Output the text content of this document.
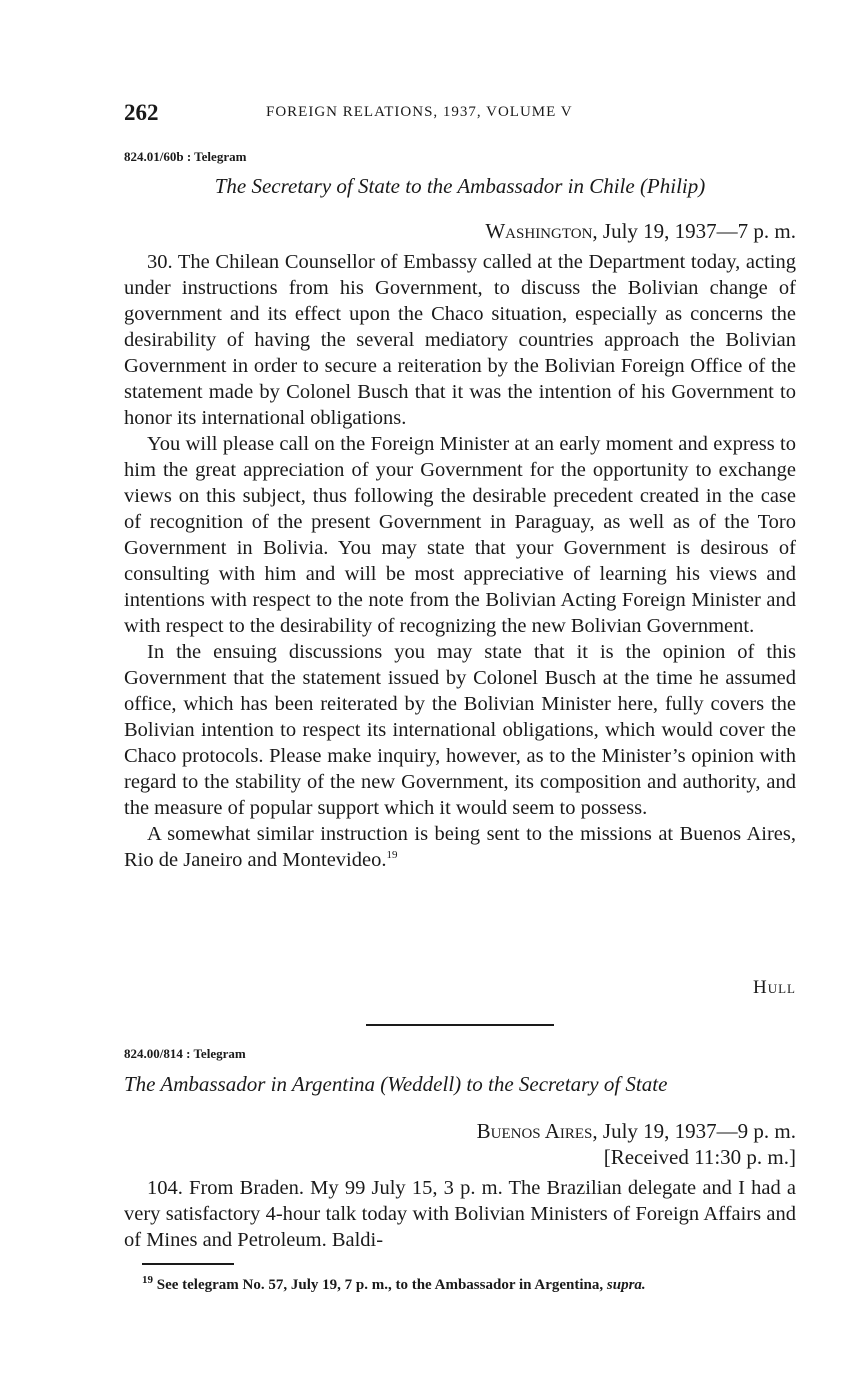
262	FOREIGN RELATIONS, 1937, VOLUME V
824.01/60b : Telegram
The Secretary of State to the Ambassador in Chile (Philip)
Washington, July 19, 1937—7 p. m.

30. The Chilean Counsellor of Embassy called at the Department today, acting under instructions from his Government, to discuss the Bolivian change of government and its effect upon the Chaco situation, especially as concerns the desirability of having the several mediatory countries approach the Bolivian Government in order to secure a reiteration by the Bolivian Foreign Office of the statement made by Colonel Busch that it was the intention of his Government to honor its international obligations.

You will please call on the Foreign Minister at an early moment and express to him the great appreciation of your Government for the opportunity to exchange views on this subject, thus following the desirable precedent created in the case of recognition of the present Government in Paraguay, as well as of the Toro Government in Bolivia. You may state that your Government is desirous of consulting with him and will be most appreciative of learning his views and intentions with respect to the note from the Bolivian Acting Foreign Minister and with respect to the desirability of recognizing the new Bolivian Government.

In the ensuing discussions you may state that it is the opinion of this Government that the statement issued by Colonel Busch at the time he assumed office, which has been reiterated by the Bolivian Minister here, fully covers the Bolivian intention to respect its international obligations, which would cover the Chaco protocols. Please make inquiry, however, as to the Minister’s opinion with regard to the stability of the new Government, its composition and authority, and the measure of popular support which it would seem to possess.

A somewhat similar instruction is being sent to the missions at Buenos Aires, Rio de Janeiro and Montevideo.$^{19}$

Hull
824.00/814 : Telegram
The Ambassador in Argentina (Weddell) to the Secretary of State
Buenos Aires, July 19, 1937—9 p. m.
[Received 11:30 p. m.]

104. From Braden. My 99 July 15, 3 p. m. The Brazilian delegate and I had a very satisfactory 4-hour talk today with Bolivian Ministers of Foreign Affairs and of Mines and Petroleum. Baldi-

$^{19}$ See telegram No. 57, July 19, 7 p. m., to the Ambassador in Argentina, supra.
